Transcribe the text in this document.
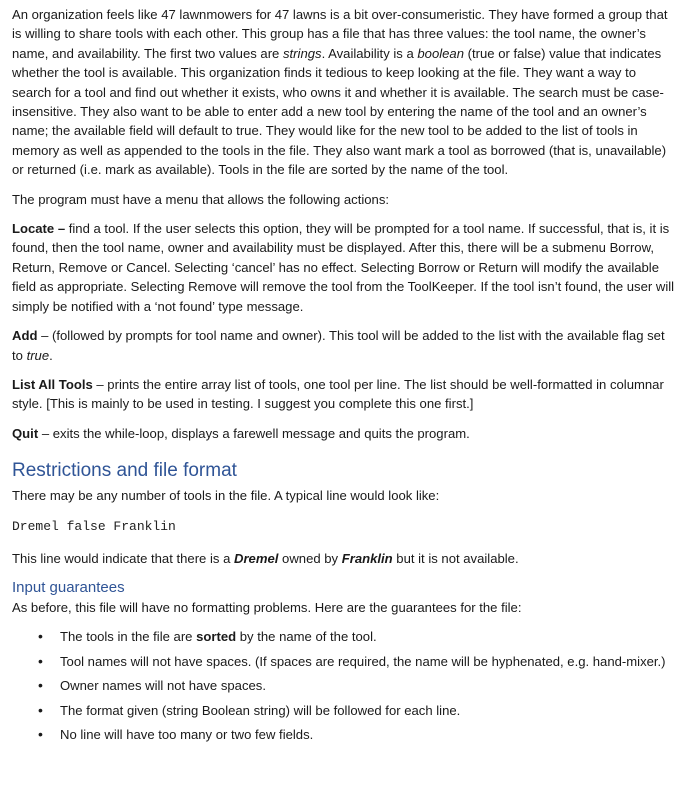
An organization feels like 47 lawnmowers for 47 lawns is a bit over-consumeristic. They have formed a group that is willing to share tools with each other. This group has a file that has three values: the tool name, the owner’s name, and availability. The first two values are strings. Availability is a boolean (true or false) value that indicates whether the tool is available. This organization finds it tedious to keep looking at the file. They want a way to search for a tool and find out whether it exists, who owns it and whether it is available. The search must be case-insensitive. They also want to be able to enter add a new tool by entering the name of the tool and an owner’s name; the available field will default to true. They would like for the new tool to be added to the list of tools in memory as well as appended to the tools in the file. They also want mark a tool as borrowed (that is, unavailable) or returned (i.e. mark as available). Tools in the file are sorted by the name of the tool.

The program must have a menu that allows the following actions:

Locate – find a tool. If the user selects this option, they will be prompted for a tool name. If successful, that is, it is found, then the tool name, owner and availability must be displayed. After this, there will be a submenu Borrow, Return, Remove or Cancel. Selecting ‘cancel’ has no effect. Selecting Borrow or Return will modify the available field as appropriate. Selecting Remove will remove the tool from the ToolKeeper. If the tool isn’t found, the user will simply be notified with a ‘not found’ type message.

Add – (followed by prompts for tool name and owner). This tool will be added to the list with the available flag set to true.

List All Tools – prints the entire array list of tools, one tool per line. The list should be well-formatted in columnar style. [This is mainly to be used in testing. I suggest you complete this one first.]

Quit – exits the while-loop, displays a farewell message and quits the program.

Restrictions and file format

There may be any number of tools in the file. A typical line would look like:

Dremel false Franklin

This line would indicate that there is a Dremel owned by Franklin but it is not available.

Input guarantees

As before, this file will have no formatting problems. Here are the guarantees for the file:

• The tools in the file are sorted by the name of the tool.
• Tool names will not have spaces. (If spaces are required, the name will be hyphenated, e.g. hand-mixer.)
• Owner names will not have spaces.
• The format given (string Boolean string) will be followed for each line.
• No line will have too many or two few fields.
